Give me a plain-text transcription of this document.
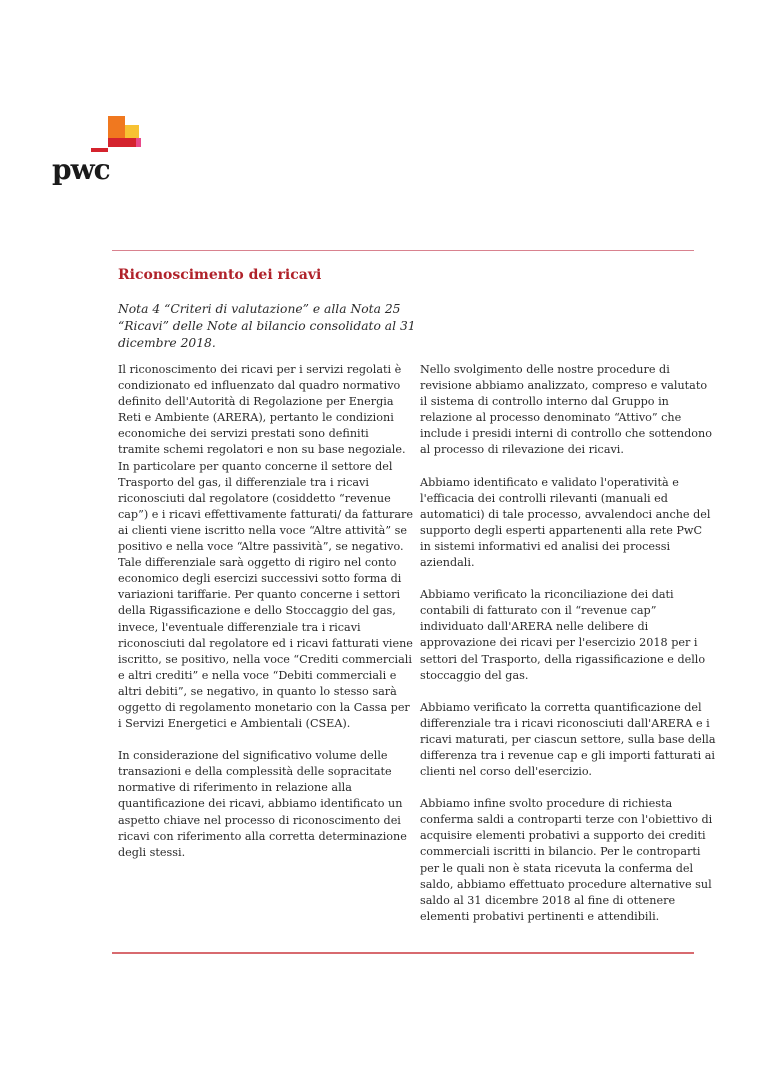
pwc
Riconoscimento dei ricavi
Nota 4 “Criteri di valutazione” e alla Nota 25 “Ricavi” delle Note al bilancio consolidato al 31 dicembre 2018.

Il riconoscimento dei ricavi per i servizi regolati è condizionato ed influenzato dal quadro normativo definito dell'Autorità di Regolazione per Energia Reti e Ambiente (ARERA), pertanto le condizioni economiche dei servizi prestati sono definiti tramite schemi regolatori e non su base negoziale. In particolare per quanto concerne il settore del Trasporto del gas, il differenziale tra i ricavi riconosciuti dal regolatore (cosiddetto “revenue cap”) e i ricavi effettivamente fatturati/ da fatturare ai clienti viene iscritto nella voce “Altre attività” se positivo e nella voce “Altre passività”, se negativo. Tale differenziale sarà oggetto di rigiro nel conto economico degli esercizi successivi sotto forma di variazioni tariffarie. Per quanto concerne i settori della Rigassificazione e dello Stoccaggio del gas, invece, l'eventuale differenziale tra i ricavi riconosciuti dal regolatore ed i ricavi fatturati viene iscritto, se positivo, nella voce “Crediti commerciali e altri crediti” e nella voce “Debiti commerciali e altri debiti”, se negativo, in quanto lo stesso sarà oggetto di regolamento monetario con la Cassa per i Servizi Energetici e Ambientali (CSEA).

In considerazione del significativo volume delle transazioni e della complessità delle sopracitate normative di riferimento in relazione alla quantificazione dei ricavi, abbiamo identificato un aspetto chiave nel processo di riconoscimento dei ricavi con riferimento alla corretta determinazione degli stessi.

Nello svolgimento delle nostre procedure di revisione abbiamo analizzato, compreso e valutato il sistema di controllo interno dal Gruppo in relazione al processo denominato “Attivo” che include i presidi interni di controllo che sottendono al processo di rilevazione dei ricavi.

Abbiamo identificato e validato l'operatività e l'efficacia dei controlli rilevanti (manuali ed automatici) di tale processo, avvalendoci anche del supporto degli esperti appartenenti alla rete PwC in sistemi informativi ed analisi dei processi aziendali.

Abbiamo verificato la riconciliazione dei dati contabili di fatturato con il “revenue cap” individuato dall'ARERA nelle delibere di approvazione dei ricavi per l'esercizio 2018 per i settori del Trasporto, della rigassificazione e dello stoccaggio del gas.

Abbiamo verificato la corretta quantificazione del differenziale tra i ricavi riconosciuti dall'ARERA e i ricavi maturati, per ciascun settore, sulla base della differenza tra i revenue cap e gli importi fatturati ai clienti nel corso dell'esercizio.

Abbiamo infine svolto procedure di richiesta conferma saldi a controparti terze con l'obiettivo di acquisire elementi probativi a supporto dei crediti commerciali iscritti in bilancio. Per le controparti per le quali non è stata ricevuta la conferma del saldo, abbiamo effettuato procedure alternative sul saldo al 31 dicembre 2018 al fine di ottenere elementi probativi pertinenti e attendibili.
